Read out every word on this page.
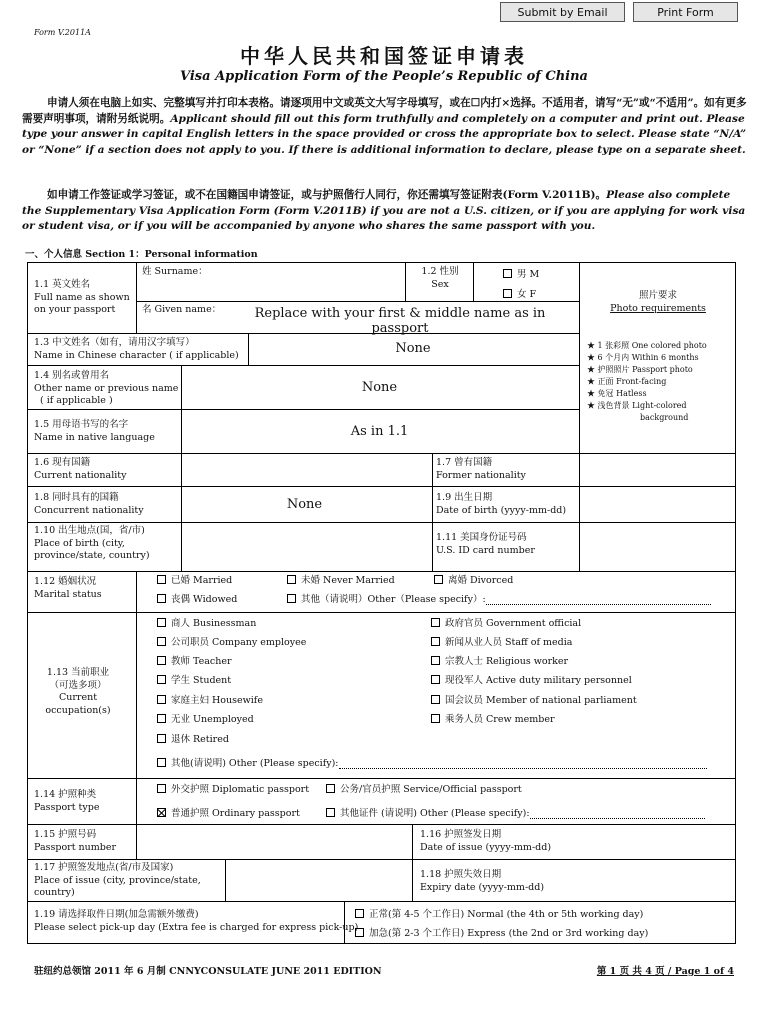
Submit by Email	Print Form
Form V.2011A
中华人民共和国签证申请表
Visa Application Form of the People’s Republic of China
申请人须在电脑上如实、完整填写并打印本表格。请逐项用中文或英文大写字母填写，或在☐内打×选择。不适用者，请写“无”或“不适用”。如有更多需要声明事项，请附另纸说明。Applicant should fill out this form truthfully and completely on a computer and print out. Please type your answer in capital English letters in the space provided or cross the appropriate box to select. Please state “N/A” or “None” if a section does not apply to you. If there is additional information to declare, please type on a separate sheet.
如申请工作签证或学习签证，或不在国籍国申请签证，或与护照偕行人同行，你还需填写签证附表(Form V.2011B)。Please also complete the Supplementary Visa Application Form (Form V.2011B) if you are not a U.S. citizen, or if you are applying for work visa or student visa, or if you will be accompanied by anyone who shares the same passport with you.
一、个人信息 Section 1：Personal information
1.1 英文姓名
Full name as shown on your passport
姓 Surname：
名 Given name：	Replace with your first & middle name as in passport
1.2 性别
Sex
男 M
女 F	照片要求
Photo requirements
★ 1 张彩照 One colored photo
★ 6 个月内 Within 6 months
★ 护照照片 Passport photo
★ 正面 Front-facing
★ 免冠 Hatless
★ 浅色背景 Light-colored
background
1.3 中文姓名（如有，请用汉字填写）
Name in Chinese character ( if applicable)	None
1.4 别名或曾用名
Other name or previous name
( if applicable )
None
1.5 用母语书写的名字
Name in native language	As in 1.1
1.6 现有国籍
Current nationality
1.7 曾有国籍
Former nationality
1.8 同时具有的国籍
Concurrent nationality	None	1.9 出生日期
Date of birth (yyyy-mm-dd)
1.10 出生地点(国，省/市)
Place of birth (city,
province/state, country)
1.11 美国身份证号码
U.S. ID card number
1.12 婚姻状况
Marital status
已婚 Married	未婚 Never Married	离婚 Divorced
丧偶 Widowed	其他（请说明）Other（Please specify）:
1.13 当前职业
（可选多项）
Current
occupation(s)
商人 Businessman
公司职员 Company employee
教师 Teacher
学生 Student
家庭主妇 Housewife
无业 Unemployed
退休 Retired
政府官员 Government official
新闻从业人员 Staff of media
宗教人士 Religious worker
现役军人 Active duty military personnel
国会议员 Member of national parliament
乘务人员 Crew member
其他(请说明) Other (Please specify):
1.14 护照种类
Passport type
外交护照 Diplomatic passport	公务/官员护照 Service/Official passport
普通护照 Ordinary passport	其他证件 (请说明) Other (Please specify):
1.15 护照号码
Passport number
1.16 护照签发日期
Date of issue (yyyy-mm-dd)
1.17 护照签发地点(省/市及国家)
Place of issue (city, province/state,
country)
1.18 护照失效日期
Expiry date (yyyy-mm-dd)
1.19 请选择取件日期(加急需额外缴费)
Please select pick-up day (Extra fee is charged for express pick-up)
正常(第 4-5 个工作日) Normal (the 4th or 5th working day)
加急(第 2-3 个工作日) Express (the 2nd or 3rd working day)
驻纽约总领馆 2011 年 6 月制 CNNYCONSULATE JUNE 2011 EDITION	第 1 页 共 4 页 / Page 1 of 4
